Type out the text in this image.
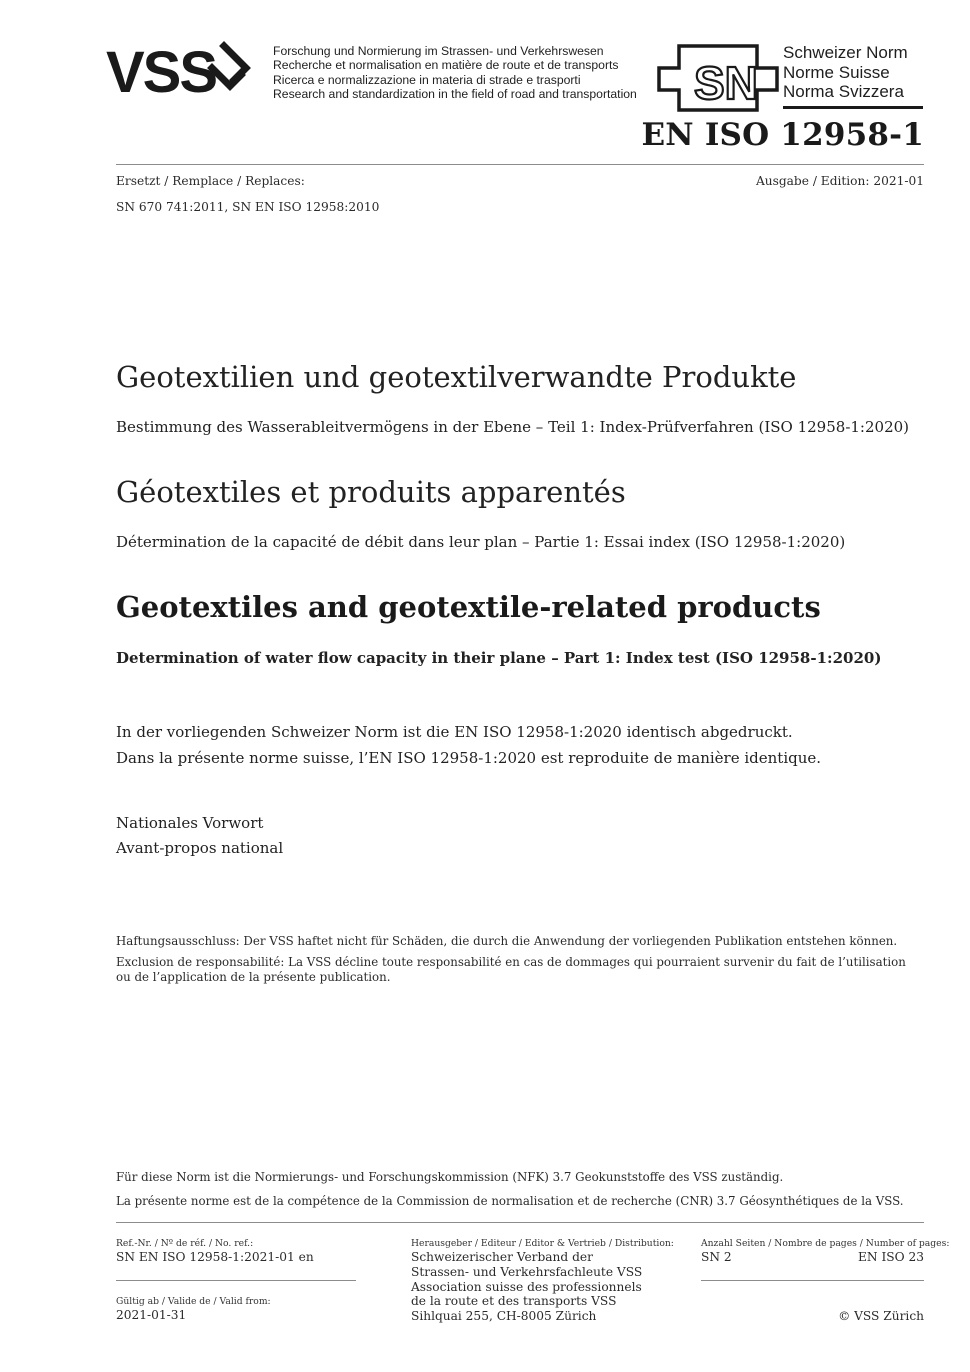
VSS	Forschung und Normierung im Strassen- und Verkehrswesen
Recherche et normalisation en matière de route et de transports
Ricerca e normalizzazione in materia di strade e trasporti
Research and standardization in the field of road and transportation SN
Schweizer Norm
Norme Suisse
Norma Svizzera
EN ISO 12958-1
Ersetzt / Remplace / Replaces:	Ausgabe / Edition: 2021-01
SN 670 741:2011, SN EN ISO 12958:2010
Geotextilien und geotextilverwandte Produkte
Bestimmung des Wasserableitvermögens in der Ebene – Teil 1: Index-Prüfverfahren (ISO 12958-1:2020)
Géotextiles et produits apparentés
Détermination de la capacité de débit dans leur plan – Partie 1: Essai index (ISO 12958-1:2020)
Geotextiles and geotextile-related products
Determination of water flow capacity in their plane – Part 1: Index test (ISO 12958-1:2020)
In der vorliegenden Schweizer Norm ist die EN ISO 12958-1:2020 identisch abgedruckt.
Dans la présente norme suisse, l’EN ISO 12958-1:2020 est reproduite de manière identique.
Nationales Vorwort
Avant-propos national
Haftungsausschluss: Der VSS haftet nicht für Schäden, die durch die Anwendung der vorliegenden Publikation entstehen können.
Exclusion de responsabilité: La VSS décline toute responsabilité en cas de dommages qui pourraient survenir du fait de l’utilisation
ou de l’application de la présente publication.
Für diese Norm ist die Normierungs- und Forschungskommission (NFK) 3.7 Geokunststoffe des VSS zuständig.
La présente norme est de la compétence de la Commission de normalisation et de recherche (CNR) 3.7 Géosynthétiques de la VSS.
Ref.-Nr. / Nº de réf. / No. ref.:
SN EN ISO 12958-1:2021-01 en
Gültig ab / Valide de / Valid from:
2021-01-31
Herausgeber / Editeur / Editor & Vertrieb / Distribution:
Schweizerischer Verband der
Strassen- und Verkehrsfachleute VSS
Association suisse des professionnels
de la route et des transports VSS
Sihlquai 255, CH-8005 Zürich
Anzahl Seiten / Nombre de pages / Number of pages:
SN 2	EN ISO 23
© VSS Zürich
